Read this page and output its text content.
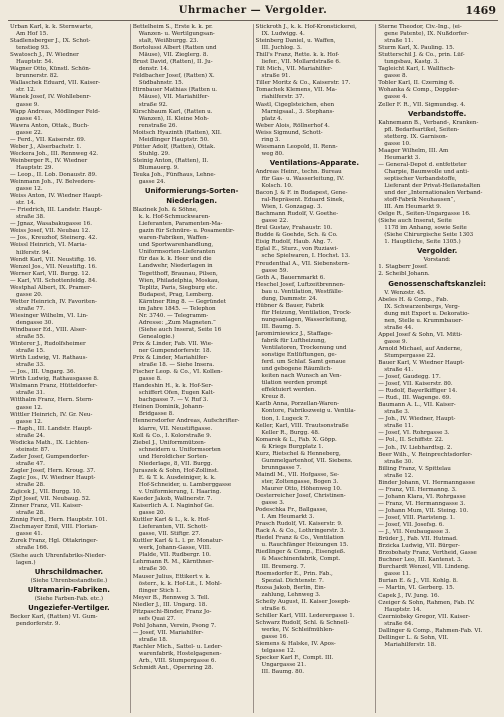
Uhrmacher — Vergolder.	1469
Urban Karl, k. k. Sternwarte,
Am Hof 15.
Stadlensberger J., IX. Schot-
tenstieg 93.
Swatosch J., IV. Wiedner
Hauptstr. 54.
Wagner Otto, Künstl. Schön-
brunnerstr. 82.
Wallaschek Eduard, VII. Kaiser-
str. 12.
Wanek Josef, IV. Wohllebenr-
gasse 9.
Wapp Andreas, Mödlinger Feld-
gasse 41.
Wawra Anton, Ottak., Buch-
gasse 22.
— Ferd., VII. Kaiserstr. 69.
Weber J., Alserbachstr. 1.
Weckera Joh., III. Rennweg 42.
Weinberger R., IV. Wiedner
Hauptstr. 29.
— Leop., II. Lob. Donaustr. 89.
Weinmann Joh., IV. Belvedere-
gasse 12.
Weiss Anton, IV. Wiedner Haupt-
str. 14.
— Friedrich, III. Landstr. Haupt-
straße 38.
— Jgnaz, Wasabakugasse 16.
Weiss Josef, VII. Neubau 12.
— Jos., Kreuzhof, Steinerg. 42.
Weissl Heinrich, VI. Maria-
hilferstr. 94.
Wendt Karl, VII. Neustiftg. 16.
Wenzel Jos., VII. Neustiftg. 16.
Werner Karl, VII. Burgg. 12.
— Karl, VII. Schottenfeldg. 84.
Westphal Albert, IX. Pramer-
gasse 20.
Wetter Heinrich, IV. Favoriten-
straße 77.
Wiesinger Wilhelm, VI. Lin-
dengasse 30.
Windbauer Ed., VIII. Alser-
straße 55.
Winterer J., Rudolfsheimer
straße 15.
Wirth Ludwig, VI. Rathaus-
straße 33.
— Jos., III. Ungarg. 36.
Wirth Ludwig, Rathausgasse 8.
Wislmann Franz, Hütteldorfer-
straße 31.
Witthalm Franz, Hern. Stern-
gasse 12.
Wittler Heinrich, IV. Gr. Neu-
gasse 12.
— Raph., III. Landstr. Haupt-
straße 24.
Wodicka Math., IX. Lichten-
steinstr. 87.
Zader Josef, Gumpendorfer-
straße 47.
Zagler Josef, Hern. Kroug. 37.
Zagic Jos., IV. Wiedner Haupt-
straße 28.
Zajicek J., VII. Burgg. 10.
Zipf Josef, VII. Neubaug. 52.
Zinner Franz, VII. Kaiser-
straße 28.
Zinnig Ferd., Hern. Hauptstr. 101.
Zischmayer Emil, VIII. Florian-
gasse 41.
Zurek Franz, Hgl. Ottakringer-
straße 166.
(Siehe auch Uhrenfabriks-Nieder-
lagen.)
Uhrschildmacher.
(Siehe Uhrenbestandteile.)
Ultramarin-Fabriken.
(Siehe Farben-Fab. etc.)
Ungeziefer-Vertilger.
Becker Karl, (Ratten) VI. Gum-
pendorferstr. 9.
Bettelheim S., Erste k. k. pr.
Wanzen- u. Wertilgungsan-
stalt, Weißburgg. 23.
Bortolussi Albert (Ratten und
Mäuse), VII. Zieglerg. 8.
Brust David, (Ratten), II. Ju-
denstr. 14.
Feldbacher Josef, (Ratten) X.
Südbahnstr. 15.
Hirnbauer Mathias (Ratten u.
Mäuse), VII. Mariahilfer-
straße 92.
Kirschbaum Karl, (Ratten u.
Wanzen), II. Kleine Moh-
renstraße 26.
Moitsch Hyazinth (Ratten), XII.
Meidlinger Hauptstr. 50.
Pütter Adolf, (Ratten), Ottak.
Stuhlg. 29.
Steinig Anton, (Ratten), II.
Blumauerg. 9.
Teuka Joh., Fünfhaus, Lehne-
gasse 24.
Uniformierungs-Sorten-
Niederlagen.
Blazinek Joh. & Söhne,
k. k. Hof-Schmuckwaren-
Lieferanten, Paramenten-Ma-
gazin für Schnüre- u. Posamentir-
waren-Fabriken, Waffen-
und Sportwarenhandlung,
Uniformsorten-Lieferanten
für das k. k. Heer und die
Landwehr, Niederlagen in
Tegetthoff, Braunau, Pilsen,
Wien, Philadelphia, Moskau,
Teplitz, Paris, Siegburg etc.
Budapest, Prag, Lemberg.
Kärntner Ring 8. — Gegründet
im Jahre 1845. — Telephon
Nr. 3740. — Telegramm-
Adresse: „Zum Magneten.“
(Siehe auch Inserat, Seite 16
Genealogie.)
Prix & Linder, Fab. VII. Wie-
ner Gumpendorferstr. 18.
Prix & Linder, Mariahilfer-
straße 18. — Siehe Insera.
Fischer Leop. & Co., VI. Kollen-
gasse 8.
Handeshin H., k. k. Hof-Ser-
schiffert Ofen, Eugen Kalt-
bachgasse 7. — V. Ruf 3.
Heinen Dominik, Johann-
Bridgasse 8.
Hennersdorfer Andreas, Aufschrifter-
klarre, VII. Neustiftgasse.
Koll & Co., I. Kolorstraße 9.
Ziebel J., Uniformmützen-
schneidern u. Uniformsorten
und Heroldicher Sorten-
Niederlage, 8, VII. Burgg.
Juraszek & Sohn, Hof-Zollinst.
E. & T. k. Ausdeiniger, k. k.
Hof-Schneider, u. Lamberggasse
v. Uniformierung, I. Haaring.
Kaeder Jakob, Wallnerstr. 7.
Kaiserlich A. I. Naginhof Ge.
gasse 20.
Kuttler Karl & L., k. k. Hof-
Lieferanten, VII. Schott-
gasse, VII. Stiftgr. 27.
Kuttler Karl & L. l. pr. Monatur-
werk, Johann-Gasse, VIII.
Plalde, VII. Rudbergr. 10.
Lehrmann R. M., Kärnthner-
straße 30.
Mauser Julius, Ettikert v. k.
österr., k. k. Hof-Lit., I. Mohl-
flinger Stich 1.
Meyer B., Rennweg 3. Tell.
Niedler J., III. Ungarg. 18.
Pitzpaschi-Binder, Franz Jo-
sefs Quai 27.
Pohl Johann, Verein, Psong 7.
— Josef, VII. Mariahilfer-
straße 18.
Rachler Mich., Sattel- u. Leder-
warenfabrik, Hostelgagenen-
Arb., VIII. Stumpergasse 6.
Schmidt Ant., Opernring 28.
Stickroth J., k. k. Hof-Kronstickerei,
IX. Ludwigg. 4.
Steinberg Daniel, u. Waffen,
III. Juchlog. 3.
Thill's Franz, Rette. k. k. Hof-
liefer., VII. Mollardstraße 6.
Tilt Mich., VII. Mariahilfer-
straße 91.
Tiller Moritz & Co., Kaiserstr. 17.
Tomachek Klemens, VII. Ma-
riahilferstr. 37.
Wastl, Cigeglsteichen, ehen
Marnigsaal., 3. Stephans-
platz 4.
Weber Alois, Röllnerhof 4.
Weiss Sigmund, Schott-
ring 3.
Wiesmann Leopold, II. Renn-
weg 80.
Ventilations-Apparate.
Andreas Heinr., techn. Bureau
für Gas- u. Wasserleitung, IV.
Kolsch. 10.
Bacon J. & F. in Budapest, Gene-
ral-Repräsent. Eduard Sinek,
Wien, I. Gonzagag. 3.
Bachmann Rudolf, V. Goethe-
gasse 22.
Brul Gustav, Frahaustr. 10.
Budde & Goehde, Sch. & Co.
Eisig Rudolf, Haub. Ahg. 7.
Eglal E., Sturz., von Ruziawi-
sche Spielwaren, I. Hochst. 13.
Freudenthal A., VII. Siebenstern-
gasse 59.
Goth A., Bauernmarkt 6.
Heschel Josef, Luftzeitbrennen-
bau u. Ventilation, Westfälle-
dung, Dammstr. 24.
Hübner & Bauer, Fabrik
für Heizung, Ventilation, Trock-
nungsanlagen, Wasserleitung,
III. Baumg. 5.
Jaromirniewicz J., Staffage-
fabrik für Luftheizung,
Ventilatoren, Trockenung und
sonstige Entlüftungen, ge-
ferd. um Schlaf. Samt genaue
und gebogene Räumlich-
keiten nach Wunsch an Ven-
tilation werden prompt
effektuiert werden.
Kreuz 8.
Karlb Anna, Porzellan-Waren-
Kontore, Fabrikszweig u. Ventila-
tion, I. Lugeck 7.
Keller, Karl, VIII. Trautsonstraße
Keller R., Burgg. 48.
Komarek & L., Fab. X. Göpp.
& Kriegs Burgplatz 1.
Kurz, Rietschel & Henneberg,
Gummelgartenhof, VII. Siebens.
brunngasse 7.
Maindl M., VII. Hofgasse, Se-
ster, Zoltengasse, Bogen 3.
Maurer Otto, Höhenweg 10.
Oesterreicher Josef, Christinen-
gasse 3.
Podeschka Fr., Ballgasse,
I. Am Heumarkt 3.
Prasch Rudolf, VI. Kaiserstr. 9.
Rack A. & Co., Lothringerstr. 3.
Riedel Franz & Co., Ventilation
u. Rauchfänger Heizungen 15.
Riedlinger & Comp., Eisengieß.
& Maschinenfabrik, Compt.
III. Bremerg. 7.
Roemsdorfer E., Prin. Fab.,
Spezial. Dichtenstr. 7.
Rozsa Jakob, Berlin, Ein-
zahlung, Lehnweg 3.
Scheily August, II. Kaiser Joseph-
straße 6.
Schiller Karl, VIII. Lederergasse 1.
Schwarz Rudolf, Schl. & Schnell-
werke, IV. Schleifmühlen-
gasse 16.
Siemens & Halske, IV. Apos-
telgasse 12.
Specker Karl F., Compt. III.
Ungargasse 21.
III. Baumg. 80.
Sterne Theodor, Civ.-Ing., (ei-
gene Patente), IX. Nußdorfer-
straße 11.
Sturm Karl, X. Pauling. 15.
Stutterschil J. & Co., prin. Lüf-
tungsbau, Kastg. 3.
Tagleicht Karl, I. Wallfisch-
gasse 8.
Tobler Karl, II. Czerning 6.
Wohanka & Comp., Doppler-
gasse 4.
Zeller F. R., VII. Sigmundsg. 4.
Verbandstoffe.
Kahnemann B., Verband-, Kranken-
pfl. Bedarfsartikel, Seiten-
stetterg. IX. Garnison-
gasse 10.
Maager Wilhelm, III. Am
Heumarkt 3.
— General-Depot d. entfetteter
Charpie, Baumwolle und anti-
septischer Verbandstoffe,
Lieferant der Privat-Heilanstalten
und der „Internationalen Verband-
stoff-Fabrik Neuhausen“,
III. Am Heumarkt 9.
Oelge R., Seiten-Ungargasse 16.
(Siehe auch Inserat, Seite
1178 im Anhang, sowie Seite
(Siehe Chirurgische Seite 1303
1. Hauptliche, Seite 1305.)
Vergolder.
Vorstand:
1. Stagberr Josef.
2. Scheibl Johann.
Genossenschaftskanzlei:
V. Wenzstr. 45.
Abeles H. & Comp., Fab.
IX. Schwarzenbergs, Verg-
dung mit Export u. Dekoratio-
nen, Stelle u. Krummbauer-
straße 44.
Appel Josef & Sohn, VI. Mitti-
gasse 9.
Arnold Michael, auf Anderne,
Stumpergasse 22.
Bauer Karl, V. Wiedner Haupt-
straße 41.
— Josef, Gaudegg. 17.
— Josef, VII. Kaiserstr. 80.
— Rudolf, Bayerlkiffiger 14.
— Rud., III. Wagenge. 69.
Baumann A. L., VII. Kaiser-
straße 3.
— Joh., IV. Wiedner, Haupt-
straße 11.
— Josef, VI. Rohrgasse 3.
— Pol., II. Schiffstr. 22.
— Joh., IV. Liebhardtsg. 2.
Beer Wilh., V. Reinprechtsdorfer-
straße 30.
Billing Franz, V. Spittelau
straße 12.
Binder Johann, VI. Hermanngasse
— Franz, VII. Hermanng. 3.
— Johann Klara, VI. Rohrgasse
— Franz, VI. Hermanngasse 3.
— Johann Mum, VII. Steing. 10.
— Josef, VIII. Piaristeng. 1.
— Josef, VII. Josefsg. 6.
— J., VII. Neubaugasse 3.
Brüder J., Fab. VII. Hutmad.
Brzicka Ludwig, VII. Bürger-
Brzobohaty Franz, Vertheid, Gasse
Buchner Leo, III. Kantenst. 3.
Burchardt Wenzel, VII. Lindeng.
gasse 11.
Burian E. & J., VII. Kohlg. 8.
— Martin, VI. Gerberg. 15.
Capek J., IV. Jung. 16.
Czeiger & Sohn, Rahmen, Fab. IV.
Hauptstr. 14.
Czerniobsky Gregor, VII. Kaiser-
straße 64.
Dallinger & Comp., Rahmen-Fab. VI.
Dellinger L. & Sohn, VII.
Mariahilferstr. 18.
